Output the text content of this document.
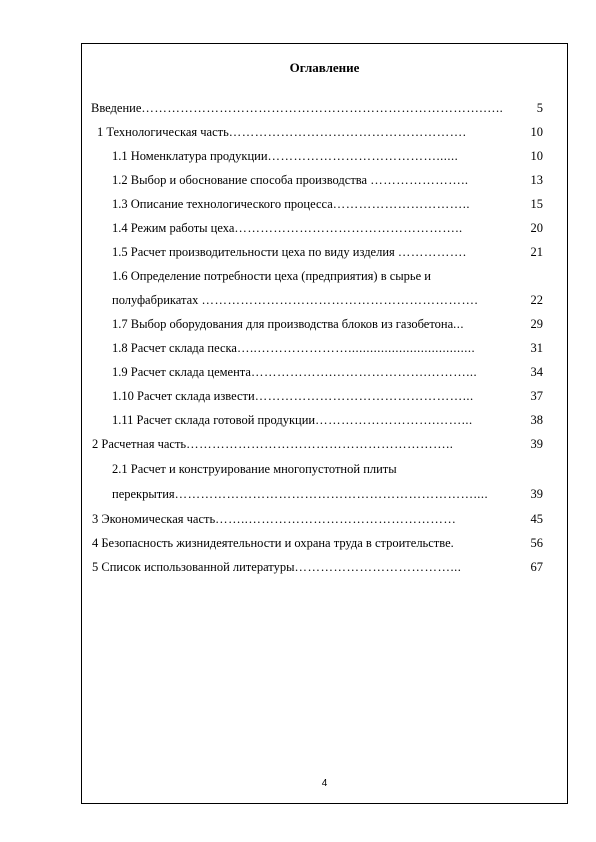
Оглавление
Введение…………………………………………………………………….…..	5
1 Технологическая часть……………………………………………….	10
1.1 Номенклатура продукции…………………………………......	10
1.2 Выбор и обоснование способа производства …………………..	13
1.3 Описание технологического процесса…………………………..	15
1.4 Режим работы цеха……………………………………………..	20
1.5 Расчет производительности цеха по виду изделия …………….	21
1.6 Определение потребности цеха (предприятия) в сырье и
полуфабрикатах ……………………………………………………….	22
1.7 Выбор оборудования для производства блоков из газобетона...	29
1.8 Расчет склада песка…..…………………...................................	31
1.9 Расчет склада цемента……………….………………….………...	34
1.10 Расчет склада извести…………………………………………...	37
1.11 Расчет склада готовой продукции……………………….……...	38
2 Расчетная часть……………………………………………………..	39
2.1 Расчет и конструирование многопустотной плиты
перекрытия……………………………………………………………....	39
3 Экономическая часть……..…………………………………………	45
4 Безопасность жизнидеятельности и охрана труда в строительстве.	56
5 Список использованной литературы………………………………...	67
4
